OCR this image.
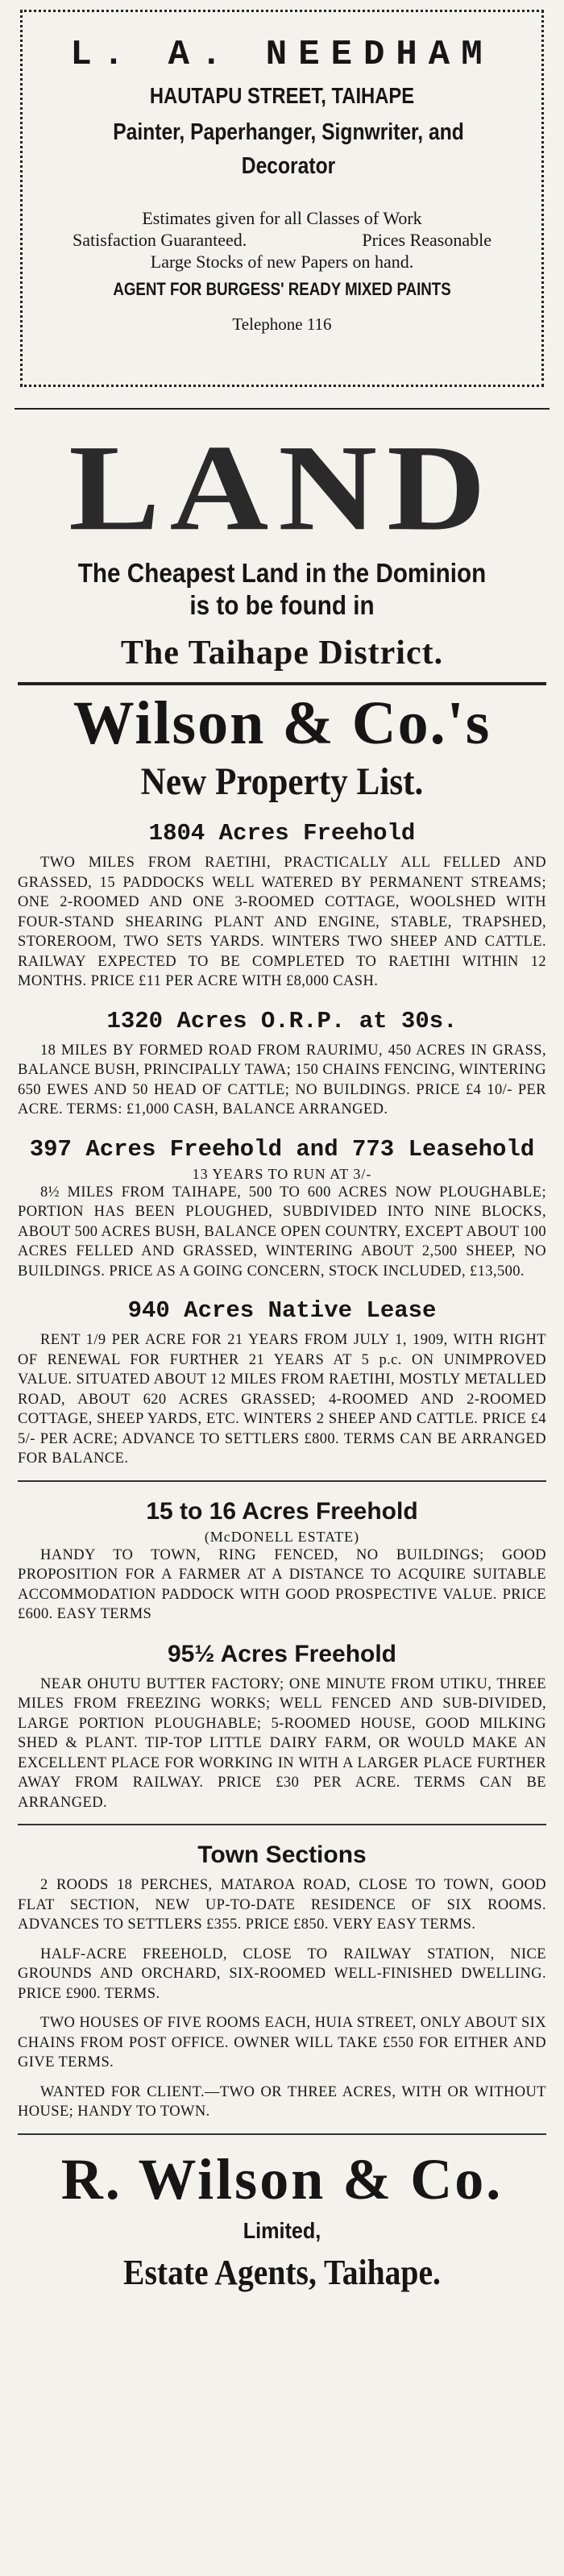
L. A. NEEDHAM
HAUTAPU STREET, TAIHAPE
Painter, Paperhanger, Signwriter, and
Decorator
Estimates given for all Classes of Work
Satisfaction Guaranteed.	Prices Reasonable
Large Stocks of new Papers on hand.
AGENT FOR BURGESS' READY MIXED PAINTS
Telephone 116
LAND
The Cheapest Land in the Dominion
is to be found in
The Taihape District.
Wilson & Co.'s
New Property List.
1804 Acres Freehold
TWO MILES FROM RAETIHI, PRACTICALLY ALL FELLED AND GRASSED, 15 PADDOCKS WELL WATERED BY PERMANENT STREAMS; ONE 2-ROOMED AND ONE 3-ROOMED COTTAGE, WOOLSHED WITH FOUR-STAND SHEARING PLANT AND ENGINE, STABLE, TRAPSHED, STOREROOM, TWO SETS YARDS. WINTERS TWO SHEEP AND CATTLE. RAILWAY EXPECTED TO BE COMPLETED TO RAETIHI WITHIN 12 MONTHS. PRICE £11 PER ACRE WITH £8,000 CASH.
1320 Acres O.R.P. at 30s.
18 MILES BY FORMED ROAD FROM RAURIMU, 450 ACRES IN GRASS, BALANCE BUSH, PRINCIPALLY TAWA; 150 CHAINS FENCING, WINTERING 650 EWES AND 50 HEAD OF CATTLE; NO BUILDINGS. PRICE £4 10/- PER ACRE. TERMS: £1,000 CASH, BALANCE ARRANGED.
397 Acres Freehold and 773 Leasehold
13 YEARS TO RUN AT 3/-
8½ MILES FROM TAIHAPE, 500 TO 600 ACRES NOW PLOUGHABLE; PORTION HAS BEEN PLOUGHED, SUBDIVIDED INTO NINE BLOCKS, ABOUT 500 ACRES BUSH, BALANCE OPEN COUNTRY, EXCEPT ABOUT 100 ACRES FELLED AND GRASSED, WINTERING ABOUT 2,500 SHEEP, NO BUILDINGS. PRICE AS A GOING CONCERN, STOCK INCLUDED, £13,500.
940 Acres Native Lease
RENT 1/9 PER ACRE FOR 21 YEARS FROM JULY 1, 1909, WITH RIGHT OF RENEWAL FOR FURTHER 21 YEARS AT 5 p.c. ON UNIMPROVED VALUE. SITUATED ABOUT 12 MILES FROM RAETIHI, MOSTLY METALLED ROAD, ABOUT 620 ACRES GRASSED; 4-ROOMED AND 2-ROOMED COTTAGE, SHEEP YARDS, ETC. WINTERS 2 SHEEP AND CATTLE. PRICE £4 5/- PER ACRE; ADVANCE TO SETTLERS £800. TERMS CAN BE ARRANGED FOR BALANCE.
15 to 16 Acres Freehold
(McDONELL ESTATE)
HANDY TO TOWN, RING FENCED, NO BUILDINGS; GOOD PROPOSITION FOR A FARMER AT A DISTANCE TO ACQUIRE SUITABLE ACCOMMODATION PADDOCK WITH GOOD PROSPECTIVE VALUE. PRICE £600. EASY TERMS
95½ Acres Freehold
NEAR OHUTU BUTTER FACTORY; ONE MINUTE FROM UTIKU, THREE MILES FROM FREEZING WORKS; WELL FENCED AND SUB-DIVIDED, LARGE PORTION PLOUGHABLE; 5-ROOMED HOUSE, GOOD MILKING SHED & PLANT. TIP-TOP LITTLE DAIRY FARM, OR WOULD MAKE AN EXCELLENT PLACE FOR WORKING IN WITH A LARGER PLACE FURTHER AWAY FROM RAILWAY. PRICE £30 PER ACRE. TERMS CAN BE ARRANGED.
Town Sections
2 ROODS 18 PERCHES, MATAROA ROAD, CLOSE TO TOWN, GOOD FLAT SECTION, NEW UP-TO-DATE RESIDENCE OF SIX ROOMS. ADVANCES TO SETTLERS £355. PRICE £850. VERY EASY TERMS.
HALF-ACRE FREEHOLD, CLOSE TO RAILWAY STATION, NICE GROUNDS AND ORCHARD, SIX-ROOMED WELL-FINISHED DWELLING. PRICE £900. TERMS.
TWO HOUSES OF FIVE ROOMS EACH, HUIA STREET, ONLY ABOUT SIX CHAINS FROM POST OFFICE. OWNER WILL TAKE £550 FOR EITHER AND GIVE TERMS.
WANTED FOR CLIENT.—TWO OR THREE ACRES, WITH OR WITHOUT HOUSE; HANDY TO TOWN.
R. Wilson & Co.
Limited,
Estate Agents, Taihape.
